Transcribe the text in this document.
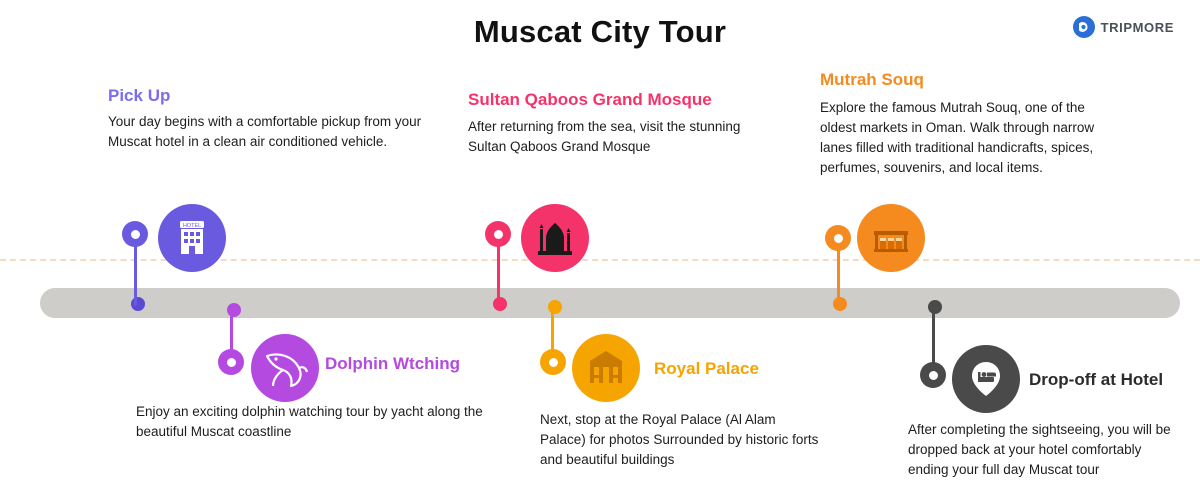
Muscat City Tour	TRIPMORE
Pick Up
Your day begins with a comfortable pickup from your Muscat hotel in a clean air conditioned vehicle.
HOTEL
Dolphin Wtching
Enjoy an exciting dolphin watching tour by yacht along the beautiful Muscat coastline
Sultan Qaboos Grand Mosque
After returning from the sea, visit the stunning Sultan Qaboos Grand Mosque
Royal Palace
Next, stop at the Royal Palace (Al Alam Palace) for photos Surrounded by historic forts and beautiful buildings
Mutrah Souq
Explore the famous Mutrah Souq, one of the oldest markets in Oman. Walk through narrow lanes filled with traditional handicrafts, spices, perfumes, souvenirs, and local items.
Drop-off at Hotel
After completing the sightseeing, you will be dropped back at your hotel comfortably ending your full day Muscat tour
